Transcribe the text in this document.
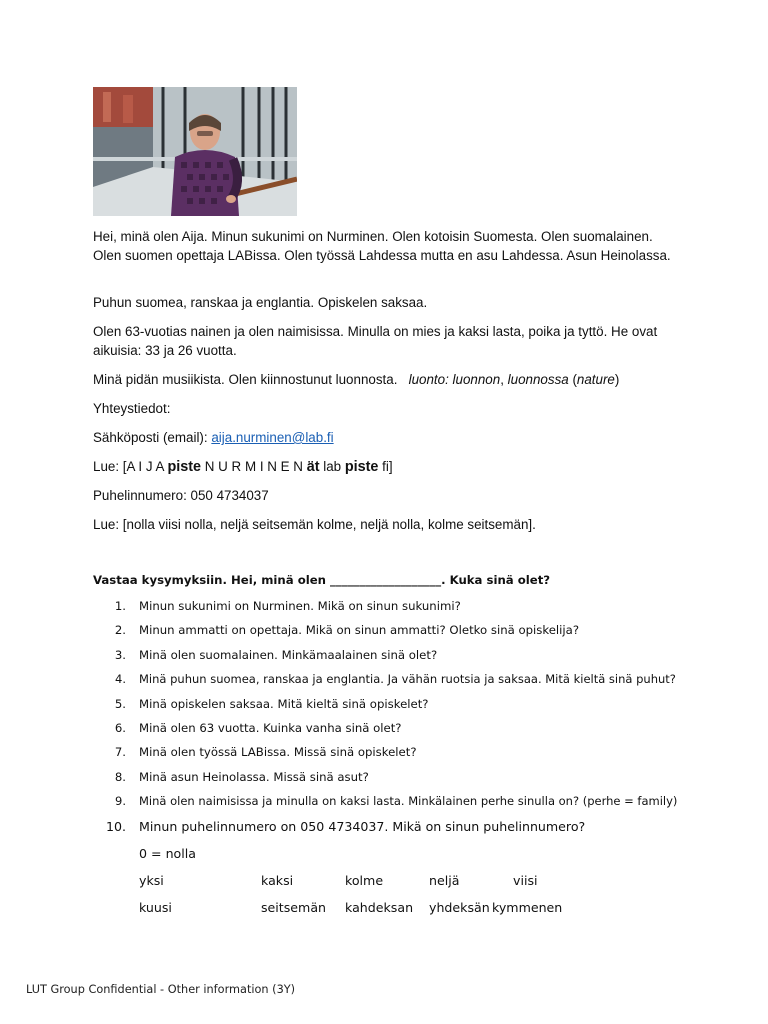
Hei, minä olen Aija. Minun sukunimi on Nurminen. Olen kotoisin Suomesta. Olen suomalainen. Olen suomen opettaja LABissa. Olen työssä Lahdessa mutta en asu Lahdessa. Asun Heinolassa.

Puhun suomea, ranskaa ja englantia. Opiskelen saksaa.

Olen 63-vuotias nainen ja olen naimisissa. Minulla on mies ja kaksi lasta, poika ja tyttö. He ovat aikuisia: 33 ja 26 vuotta.

Minä pidän musiikista. Olen kiinnostunut luonnosta. luonto: luonnon, luonnossa (nature)

Yhteystiedot:

Sähköposti (email): aija.nurminen@lab.fi

Lue: [A I J A piste N U R M I N E N ät lab piste fi]

Puhelinnumero: 050 4734037

Lue: [nolla viisi nolla, neljä seitsemän kolme, neljä nolla, kolme seitsemän].

Vastaa kysymyksiin. Hei, minä olen ___________________. Kuka sinä olet?

1. Minun sukunimi on Nurminen. Mikä on sinun sukunimi?
2. Minun ammatti on opettaja. Mikä on sinun ammatti? Oletko sinä opiskelija?
3. Minä olen suomalainen. Minkämaalainen sinä olet?
4. Minä puhun suomea, ranskaa ja englantia. Ja vähän ruotsia ja saksaa. Mitä kieltä sinä puhut?
5. Minä opiskelen saksaa. Mitä kieltä sinä opiskelet?
6. Minä olen 63 vuotta. Kuinka vanha sinä olet?
7. Minä olen työssä LABissa. Missä sinä opiskelet?
8. Minä asun Heinolassa. Missä sinä asut?
9. Minä olen naimisissa ja minulla on kaksi lasta. Minkälainen perhe sinulla on? (perhe = family)
10. Minun puhelinnumero on 050 4734037. Mikä on sinun puhelinnumero?
0 = nolla
yksi	kaksi	kolme	neljä	viisi
kuusi	seitsemän kahdeksan yhdeksän kymmenen
LUT Group Confidential - Other information (3Y)
